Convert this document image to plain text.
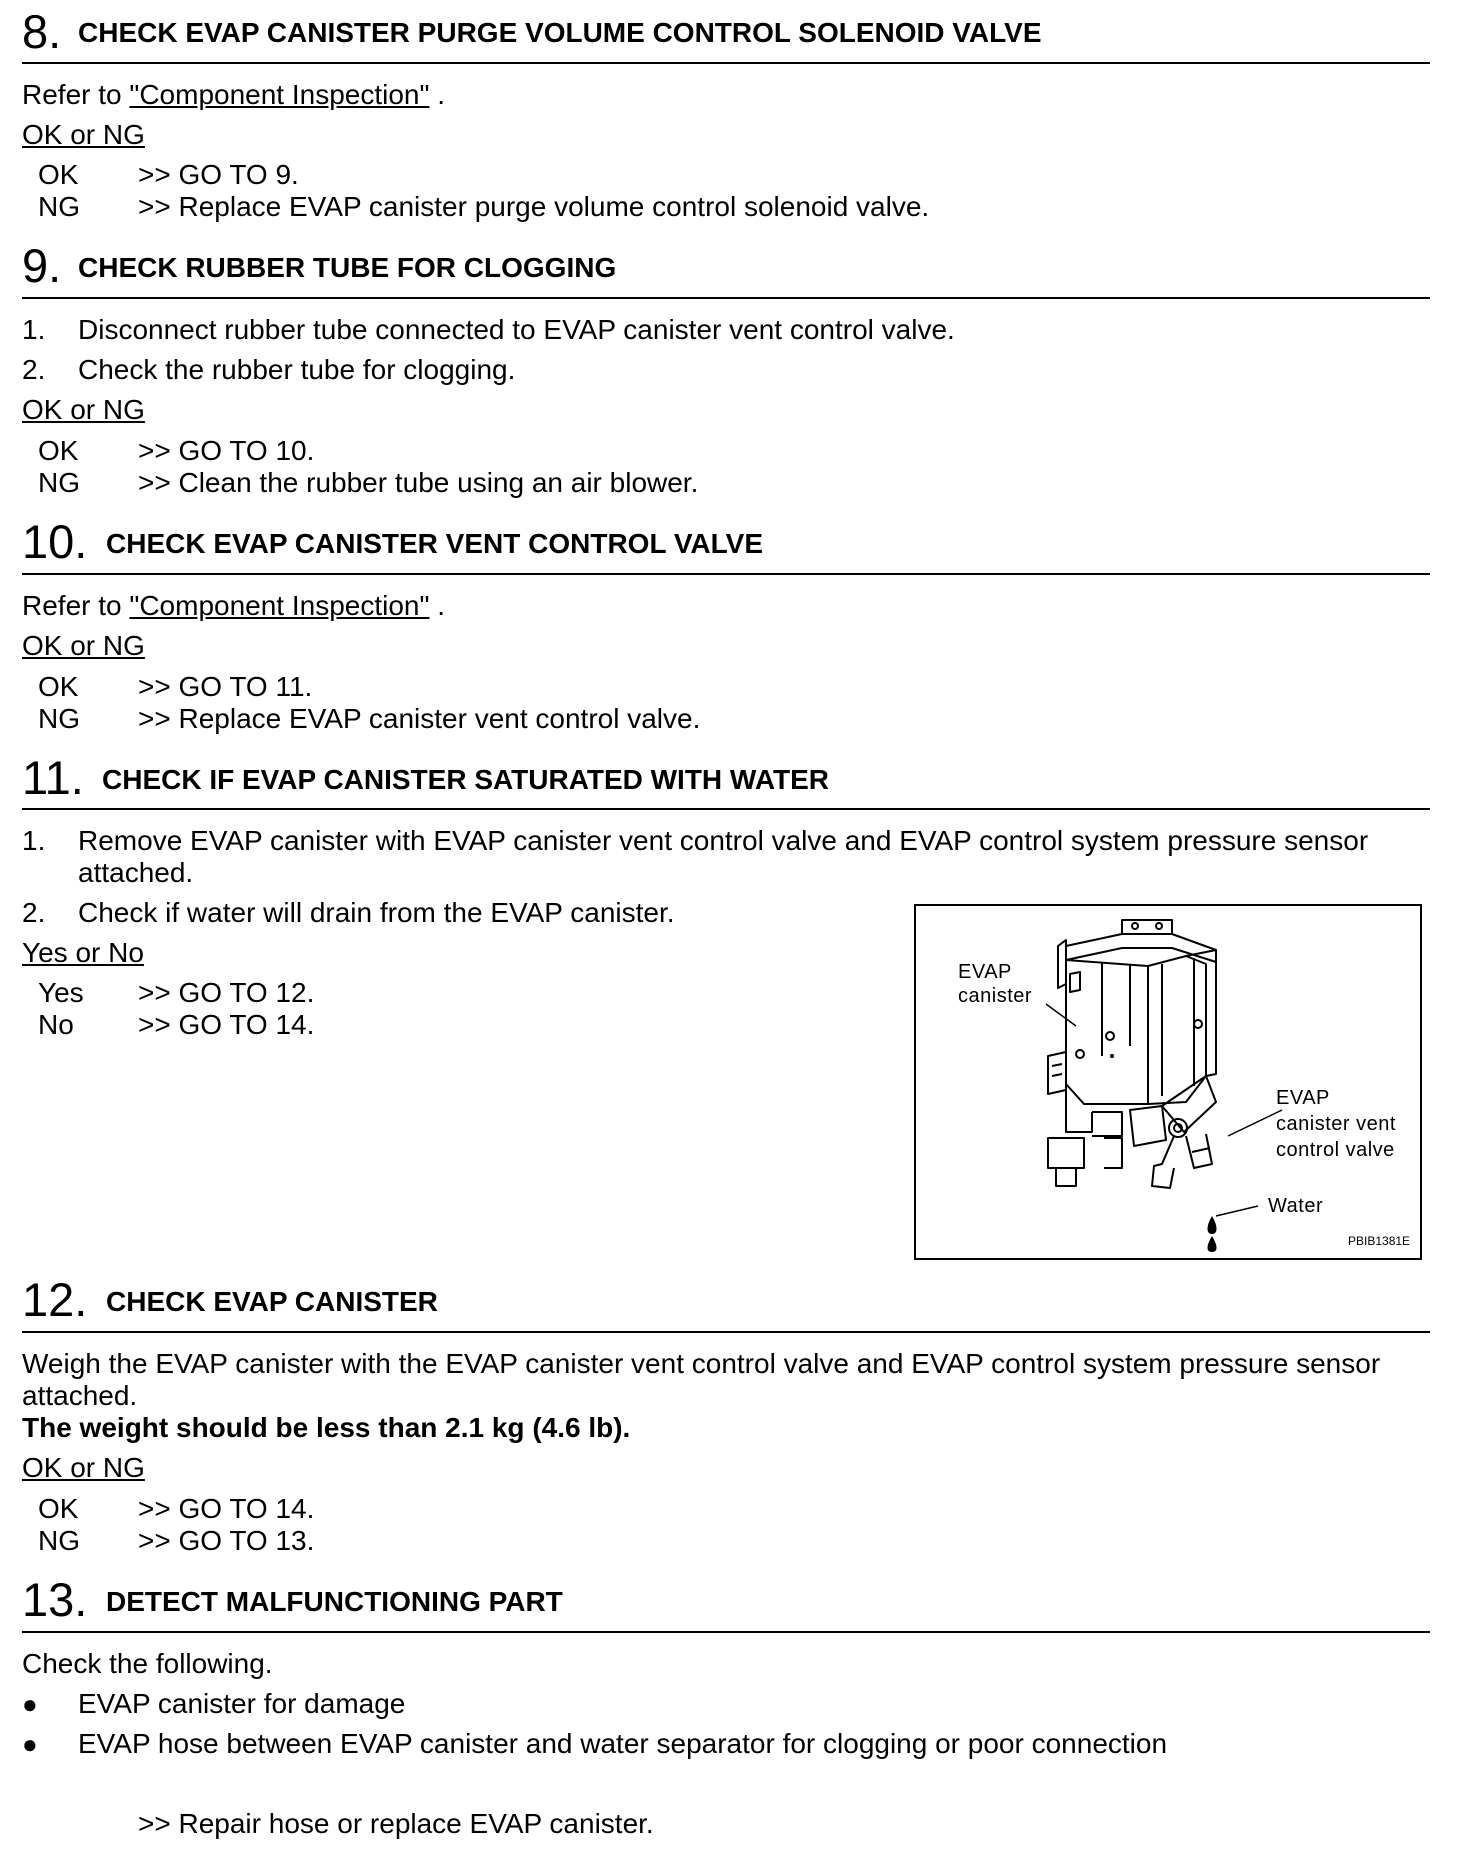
8. CHECK EVAP CANISTER PURGE VOLUME CONTROL SOLENOID VALVE
Refer to "Component Inspection" .
OK or NG
OK >> GO TO 9.
NG >> Replace EVAP canister purge volume control solenoid valve.
9. CHECK RUBBER TUBE FOR CLOGGING
1. Disconnect rubber tube connected to EVAP canister vent control valve.
2. Check the rubber tube for clogging.
OK or NG
OK >> GO TO 10.
NG >> Clean the rubber tube using an air blower.
10. CHECK EVAP CANISTER VENT CONTROL VALVE
Refer to "Component Inspection" .
OK or NG
OK >> GO TO 11.
NG >> Replace EVAP canister vent control valve.
11. CHECK IF EVAP CANISTER SATURATED WITH WATER
1. Remove EVAP canister with EVAP canister vent control valve and EVAP control system pressure sensor
attached.
2. Check if water will drain from the EVAP canister.
Yes or No
Yes >> GO TO 12.
No >> GO TO 14.
EVAP
canister
EVAP
canister vent
control valve
Water
PBIB1381E
12. CHECK EVAP CANISTER
Weigh the EVAP canister with the EVAP canister vent control valve and EVAP control system pressure sensor
attached.
The weight should be less than 2.1 kg (4.6 lb).
OK or NG
OK >> GO TO 14.
NG >> GO TO 13.
13. DETECT MALFUNCTIONING PART
Check the following.
● EVAP canister for damage
● EVAP hose between EVAP canister and water separator for clogging or poor connection
>> Repair hose or replace EVAP canister.
